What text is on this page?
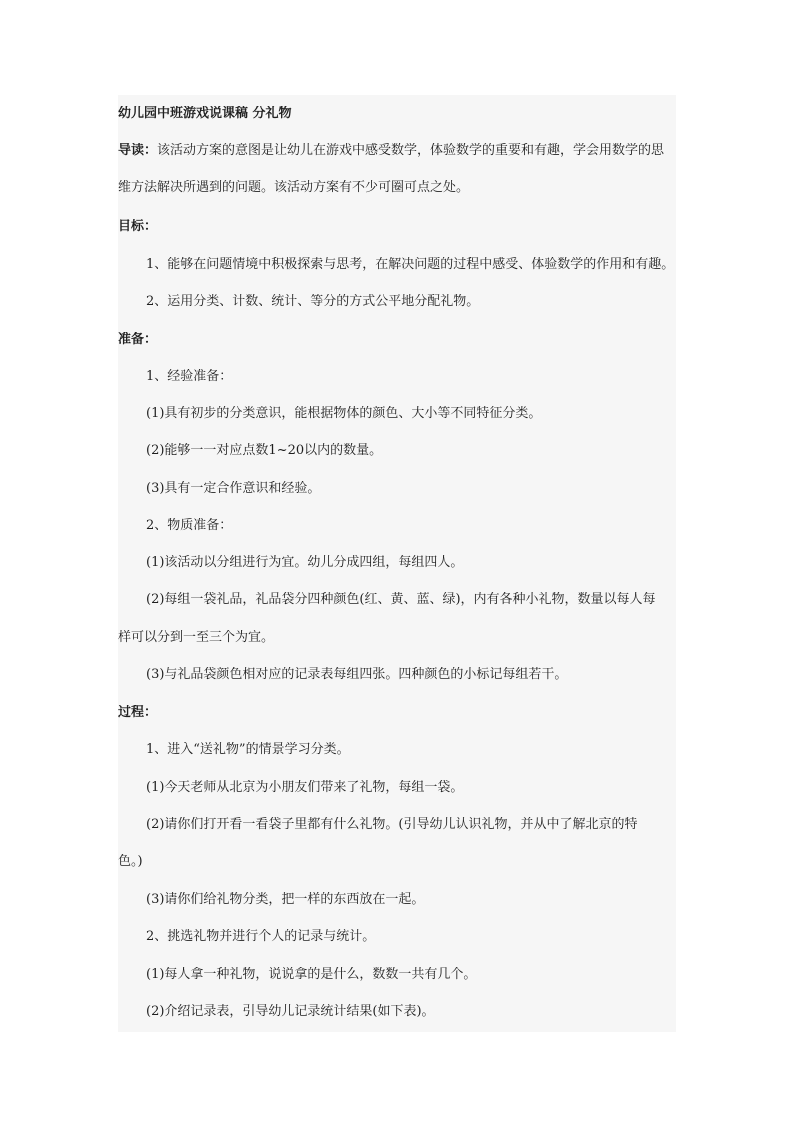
幼儿园中班游戏说课稿 分礼物
导读：该活动方案的意图是让幼儿在游戏中感受数学，体验数学的重要和有趣，学会用数学的思
维方法解决所遇到的问题。该活动方案有不少可圈可点之处。
目标：
1、能够在问题情境中积极探索与思考，在解决问题的过程中感受、体验数学的作用和有趣。
2、运用分类、计数、统计、等分的方式公平地分配礼物。
准备：
1、经验准备：
(1)具有初步的分类意识，能根据物体的颜色、大小等不同特征分类。
(2)能够一一对应点数1~20以内的数量。
(3)具有一定合作意识和经验。
2、物质准备：
(1)该活动以分组进行为宜。幼儿分成四组，每组四人。
(2)每组一袋礼品，礼品袋分四种颜色(红、黄、蓝、绿)，内有各种小礼物，数量以每人每
样可以分到一至三个为宜。
(3)与礼品袋颜色相对应的记录表每组四张。四种颜色的小标记每组若干。
过程：
1、进入“送礼物”的情景学习分类。
(1)今天老师从北京为小朋友们带来了礼物，每组一袋。
(2)请你们打开看一看袋子里都有什么礼物。(引导幼儿认识礼物，并从中了解北京的特
色。)
(3)请你们给礼物分类，把一样的东西放在一起。
2、挑选礼物并进行个人的记录与统计。
(1)每人拿一种礼物，说说拿的是什么，数数一共有几个。
(2)介绍记录表，引导幼儿记录统计结果(如下表)。
